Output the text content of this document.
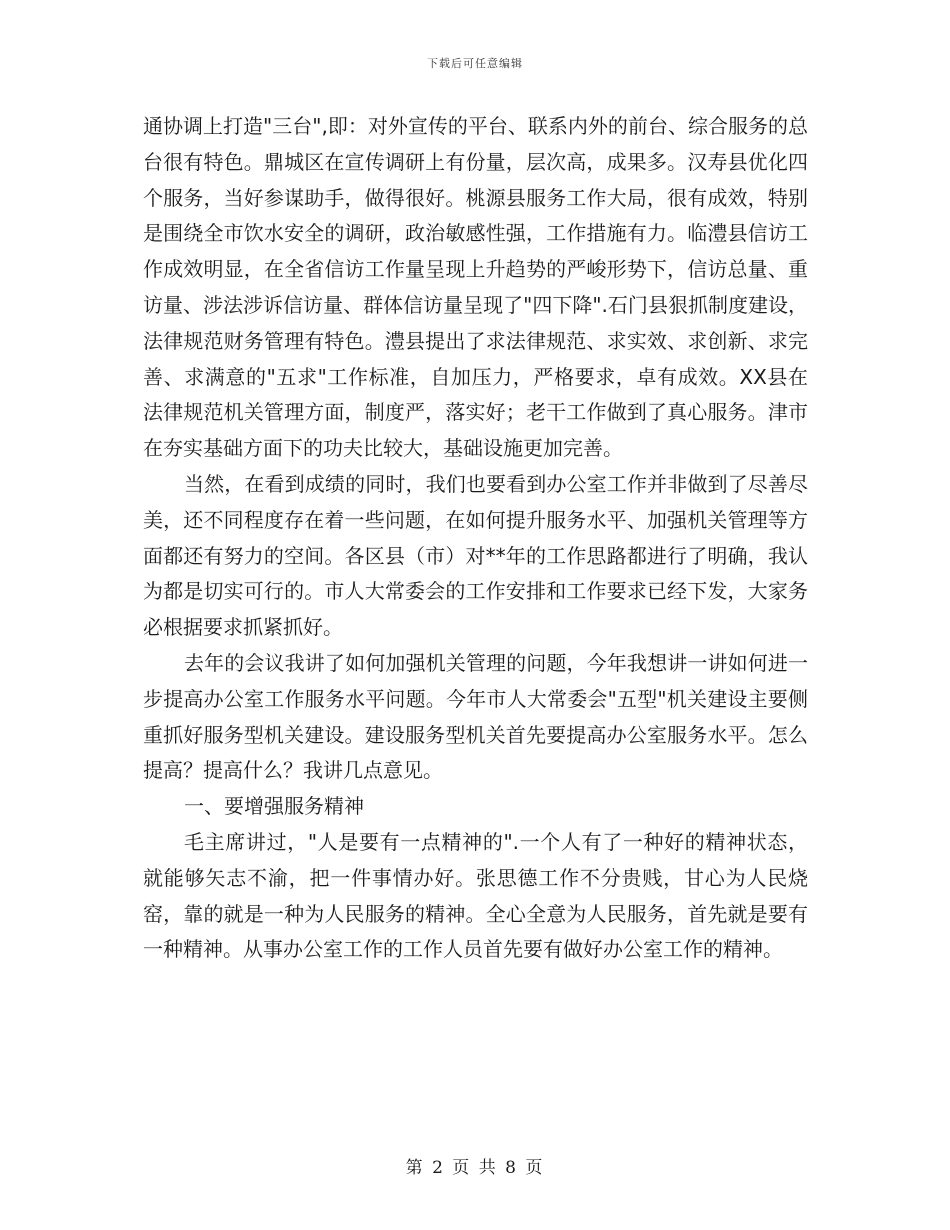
下载后可任意编辑

通协调上打造"三台",即：对外宣传的平台、联系内外的前台、综合服务的总台很有特色。鼎城区在宣传调研上有份量，层次高，成果多。汉寿县优化四个服务，当好参谋助手，做得很好。桃源县服务工作大局，很有成效，特别是围绕全市饮水安全的调研，政治敏感性强，工作措施有力。临澧县信访工作成效明显，在全省信访工作量呈现上升趋势的严峻形势下，信访总量、重访量、涉法涉诉信访量、群体信访量呈现了"四下降".石门县狠抓制度建设，法律规范财务管理有特色。澧县提出了求法律规范、求实效、求创新、求完善、求满意的"五求"工作标准，自加压力，严格要求，卓有成效。XX县在法律规范机关管理方面，制度严，落实好；老干工作做到了真心服务。津市在夯实基础方面下的功夫比较大，基础设施更加完善。

当然，在看到成绩的同时，我们也要看到办公室工作并非做到了尽善尽美，还不同程度存在着一些问题，在如何提升服务水平、加强机关管理等方面都还有努力的空间。各区县（市）对**年的工作思路都进行了明确，我认为都是切实可行的。市人大常委会的工作安排和工作要求已经下发，大家务必根据要求抓紧抓好。

去年的会议我讲了如何加强机关管理的问题，今年我想讲一讲如何进一步提高办公室工作服务水平问题。今年市人大常委会"五型"机关建设主要侧重抓好服务型机关建设。建设服务型机关首先要提高办公室服务水平。怎么提高？提高什么？我讲几点意见。

一、要增强服务精神

毛主席讲过，"人是要有一点精神的".一个人有了一种好的精神状态，就能够矢志不渝，把一件事情办好。张思德工作不分贵贱，甘心为人民烧窑，靠的就是一种为人民服务的精神。全心全意为人民服务，首先就是要有一种精神。从事办公室工作的工作人员首先要有做好办公室工作的精神。

第 2 页 共 8 页
